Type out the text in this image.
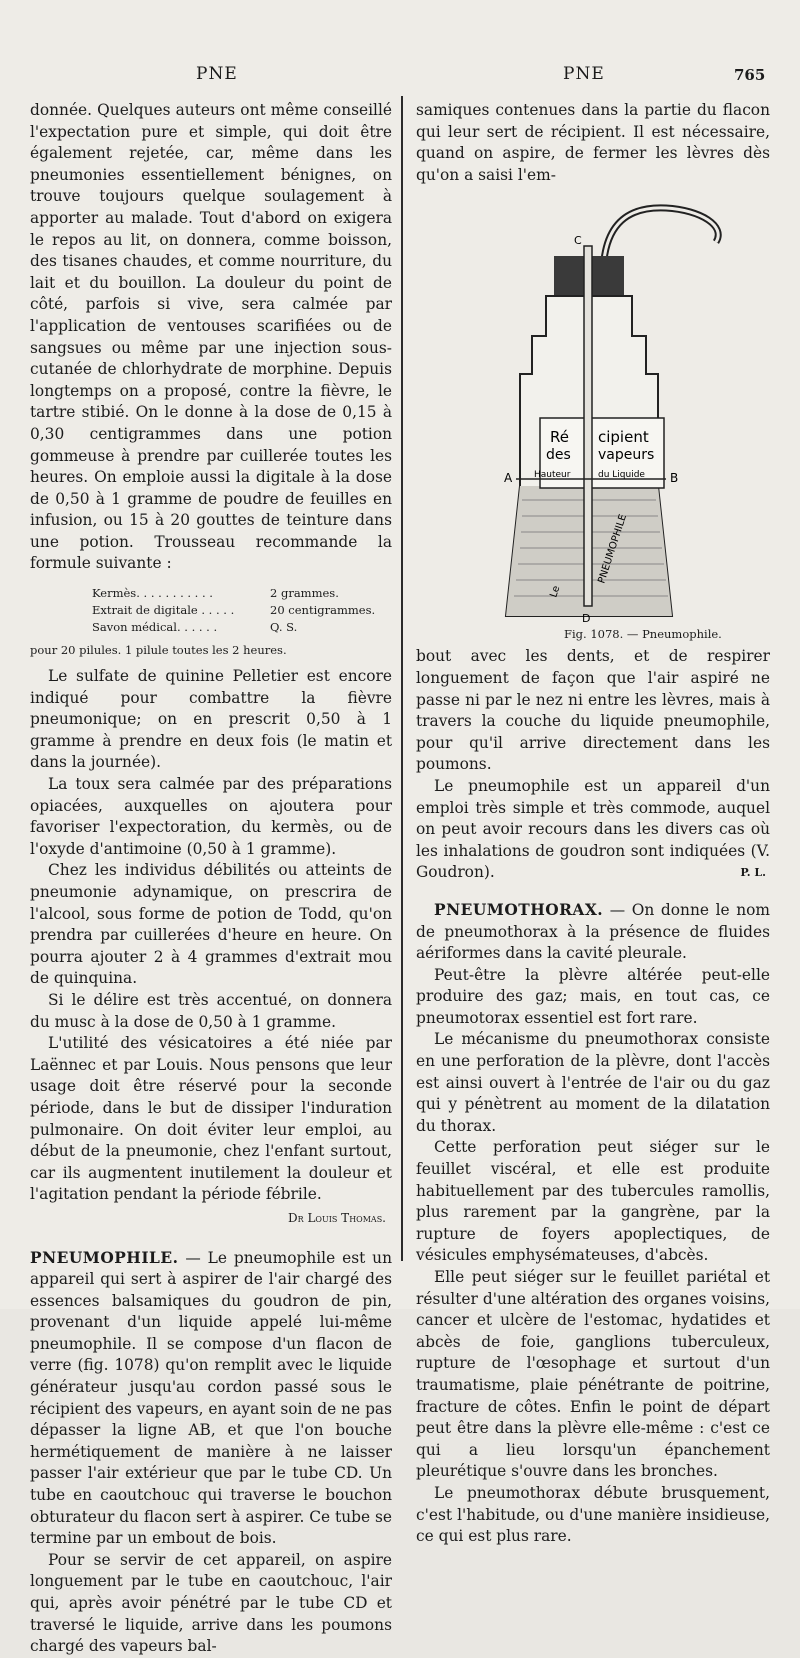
PNE	PNE	765

donnée. Quelques auteurs ont même conseillé l'expectation pure et simple, qui doit être également rejetée, car, même dans les pneumonies essentiellement bénignes, on trouve toujours quelque soulagement à apporter au malade. Tout d'abord on exigera le repos au lit, on donnera, comme boisson, des tisanes chaudes, et comme nourriture, du lait et du bouillon. La douleur du point de côté, parfois si vive, sera calmée par l'application de ventouses scarifiées ou de sangsues ou même par une injection sous-cutanée de chlorhydrate de morphine. Depuis longtemps on a proposé, contre la fièvre, le tartre stibié. On le donne à la dose de 0,15 à 0,30 centigrammes dans une potion gommeuse à prendre par cuillerée toutes les heures. On emploie aussi la digitale à la dose de 0,50 à 1 gramme de poudre de feuilles en infusion, ou 15 à 20 gouttes de teinture dans une potion. Trousseau recommande la formule suivante :

Kermès. . . . . . . . . . .	2 grammes.
Extrait de digitale . . . . .	20 centigrammes.
Savon médical. . . . . .	Q. S.

pour 20 pilules. 1 pilule toutes les 2 heures.

Le sulfate de quinine Pelletier est encore indiqué pour combattre la fièvre pneumonique; on en prescrit 0,50 à 1 gramme à prendre en deux fois (le matin et dans la journée).

La toux sera calmée par des préparations opiacées, auxquelles on ajoutera pour favoriser l'expectoration, du kermès, ou de l'oxyde d'antimoine (0,50 à 1 gramme).

Chez les individus débilités ou atteints de pneumonie adynamique, on prescrira de l'alcool, sous forme de potion de Todd, qu'on prendra par cuillerées d'heure en heure. On pourra ajouter 2 à 4 grammes d'extrait mou de quinquina.

Si le délire est très accentué, on donnera du musc à la dose de 0,50 à 1 gramme.

L'utilité des vésicatoires a été niée par Laënnec et par Louis. Nous pensons que leur usage doit être réservé pour la seconde période, dans le but de dissiper l'induration pulmonaire. On doit éviter leur emploi, au début de la pneumonie, chez l'enfant surtout, car ils augmentent inutilement la douleur et l'agitation pendant la période fébrile.

Dr Louis Thomas.

PNEUMOPHILE. — Le pneumophile est un appareil qui sert à aspirer de l'air chargé des essences balsamiques du goudron de pin, provenant d'un liquide appelé lui-même pneumophile. Il se compose d'un flacon de verre (fig. 1078) qu'on remplit avec le liquide générateur jusqu'au cordon passé sous le récipient des vapeurs, en ayant soin de ne pas dépasser la ligne AB, et que l'on bouche hermétiquement de manière à ne laisser passer l'air extérieur que par le tube CD. Un tube en caoutchouc qui traverse le bouchon obturateur du flacon sert à aspirer. Ce tube se termine par un embout de bois.

Pour se servir de cet appareil, on aspire longuement par le tube en caoutchouc, l'air qui, après avoir pénétré par le tube CD et traversé le liquide, arrive dans les poumons chargé des vapeurs bal-

samiques contenues dans la partie du flacon qui leur sert de récipient. Il est nécessaire, quand on aspire, de fermer les lèvres dès qu'on a saisi l'em-

C
D
A	B
Ré cipient
des vapeurs
Hauteur	du Liquide
Le
PNEUMOPHILE
Fig. 1078. — Pneumophile.

bout avec les dents, et de respirer longuement de façon que l'air aspiré ne passe ni par le nez ni entre les lèvres, mais à travers la couche du liquide pneumophile, pour qu'il arrive directement dans les poumons.

Le pneumophile est un appareil d'un emploi très simple et très commode, auquel on peut avoir recours dans les divers cas où les inhalations de goudron sont indiquées (V. Goudron).	P. L.

PNEUMOTHORAX. — On donne le nom de pneumothorax à la présence de fluides aériformes dans la cavité pleurale.

Peut-être la plèvre altérée peut-elle produire des gaz; mais, en tout cas, ce pneumotorax essentiel est fort rare.

Le mécanisme du pneumothorax consiste en une perforation de la plèvre, dont l'accès est ainsi ouvert à l'entrée de l'air ou du gaz qui y pénètrent au moment de la dilatation du thorax.

Cette perforation peut siéger sur le feuillet viscéral, et elle est produite habituellement par des tubercules ramollis, plus rarement par la gangrène, par la rupture de foyers apoplectiques, de vésicules emphysémateuses, d'abcès.

Elle peut siéger sur le feuillet pariétal et résulter d'une altération des organes voisins, cancer et ulcère de l'estomac, hydatides et abcès de foie, ganglions tuberculeux, rupture de l'œsophage et surtout d'un traumatisme, plaie pénétrante de poitrine, fracture de côtes. Enfin le point de départ peut être dans la plèvre elle-même : c'est ce qui a lieu lorsqu'un épanchement pleurétique s'ouvre dans les bronches.

Le pneumothorax débute brusquement, c'est l'habitude, ou d'une manière insidieuse, ce qui est plus rare.
